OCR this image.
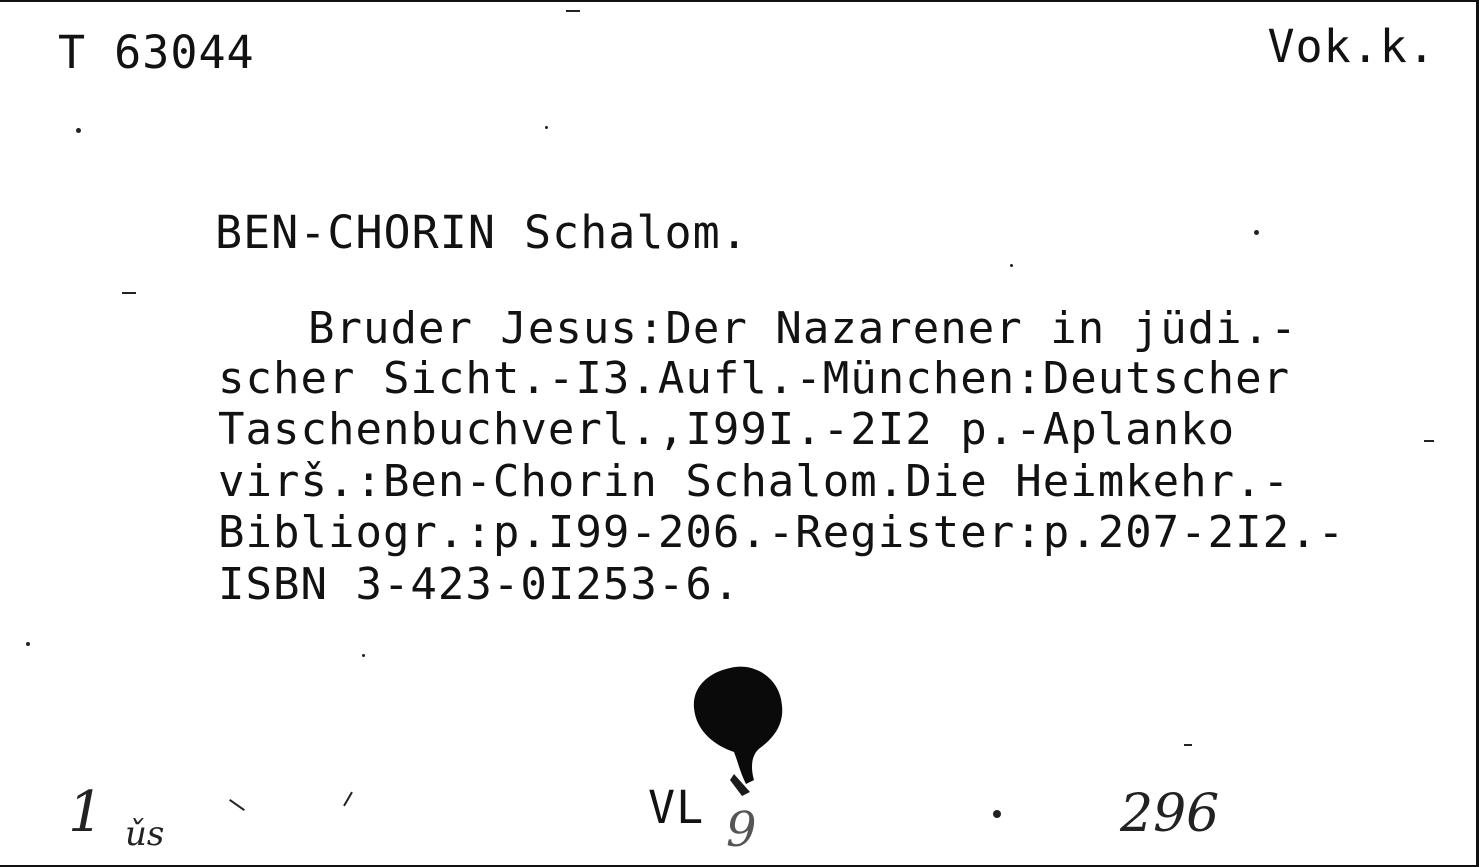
T 63044	Vok.k.
BEN-CHORIN Schalom.
Bruder Jesus:Der Nazarener in jüdi.-
scher Sicht.-I3.Aufl.-München:Deutscher
Taschenbuchverl.,I99I.-2I2 p.-Aplanko
virš.:Ben-Chorin Schalom.Die Heimkehr.-
Bibliogr.:p.I99-206.-Register:p.207-2I2.-
ISBN 3-423-0I253-6.
VL
1 ǔs	9	296
